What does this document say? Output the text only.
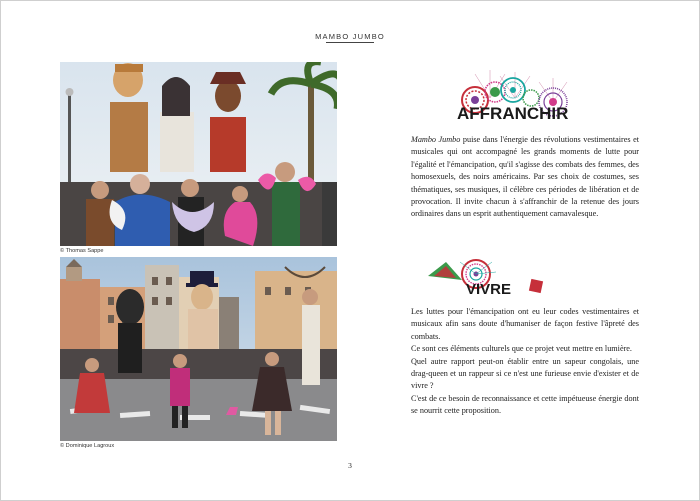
MAMBO JUMBO
© Thomas Sappe
© Dominique Lagroux
AFFRANCHIR
Mambo Jumbo puise dans l'énergie des révolutions vestimentaires et musicales qui ont accompagné les grands moments de lutte pour l'égalité et l'émancipation, qu'il s'agisse des combats des femmes, des homosexuels, des noirs américains. Par ses choix de costumes, ses thématiques, ses musiques, il célèbre ces périodes de libération et de provocation. Il invite chacun à s'affranchir de la retenue des jours ordinaires dans un esprit authentiquement carnavalesque.
VIVRE

Les luttes pour l'émancipation ont eu leur codes vestimentaires et musicaux afin sans doute d'humaniser de façon festive l'âpreté des combats.

Ce sont ces éléments culturels que ce projet veut mettre en lumière.

Quel autre rapport peut-on établir entre un sapeur congolais, une drag-queen et un rappeur si ce n'est une furieuse envie d'exister et de vivre ?

C'est de ce besoin de reconnaissance et cette impétueuse énergie dont se nourrit cette proposition.

3
